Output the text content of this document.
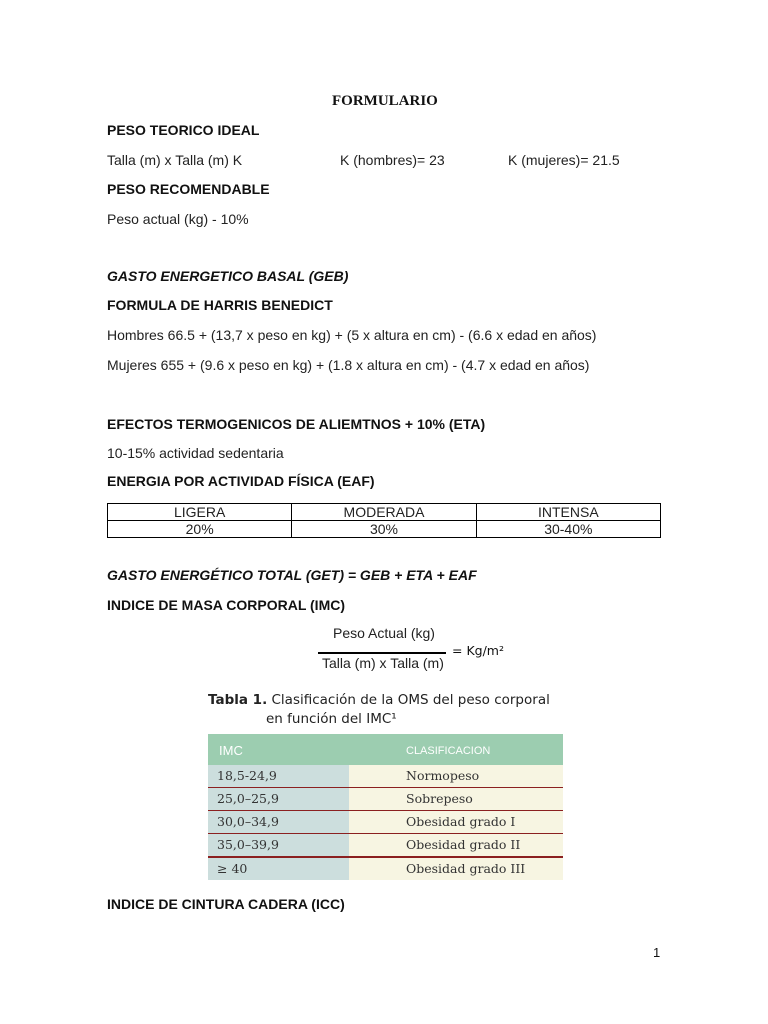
FORMULARIO
PESO TEORICO IDEAL
Talla (m) x Talla (m) K	K (hombres)= 23	K (mujeres)= 21.5
PESO RECOMENDABLE
Peso actual (kg) - 10%
GASTO ENERGETICO BASAL (GEB)
FORMULA DE HARRIS BENEDICT
Hombres 66.5 + (13,7 x peso en kg) + (5 x altura en cm) - (6.6 x edad en años)
Mujeres 655 + (9.6 x peso en kg) + (1.8 x altura en cm) - (4.7 x edad en años)
EFECTOS TERMOGENICOS DE ALIEMTNOS + 10% (ETA)
10-15% actividad sedentaria
ENERGIA POR ACTIVIDAD FÍSICA (EAF)
LIGERA	MODERADA	INTENSA
20%	30%	30-40%
GASTO ENERGÉTICO TOTAL (GET) = GEB + ETA + EAF
INDICE DE MASA CORPORAL (IMC)
Peso Actual (kg)
Talla (m) x Talla (m)
= Kg/m²
Tabla 1. Clasificación de la OMS del peso corporal
en función del IMC¹
IMC	CLASIFICACION
18,5-24,9	Normopeso
25,0–25,9	Sobrepeso
30,0–34,9	Obesidad grado I
35,0–39,9	Obesidad grado II
≥ 40	Obesidad grado III
INDICE DE CINTURA CADERA (ICC)
1
